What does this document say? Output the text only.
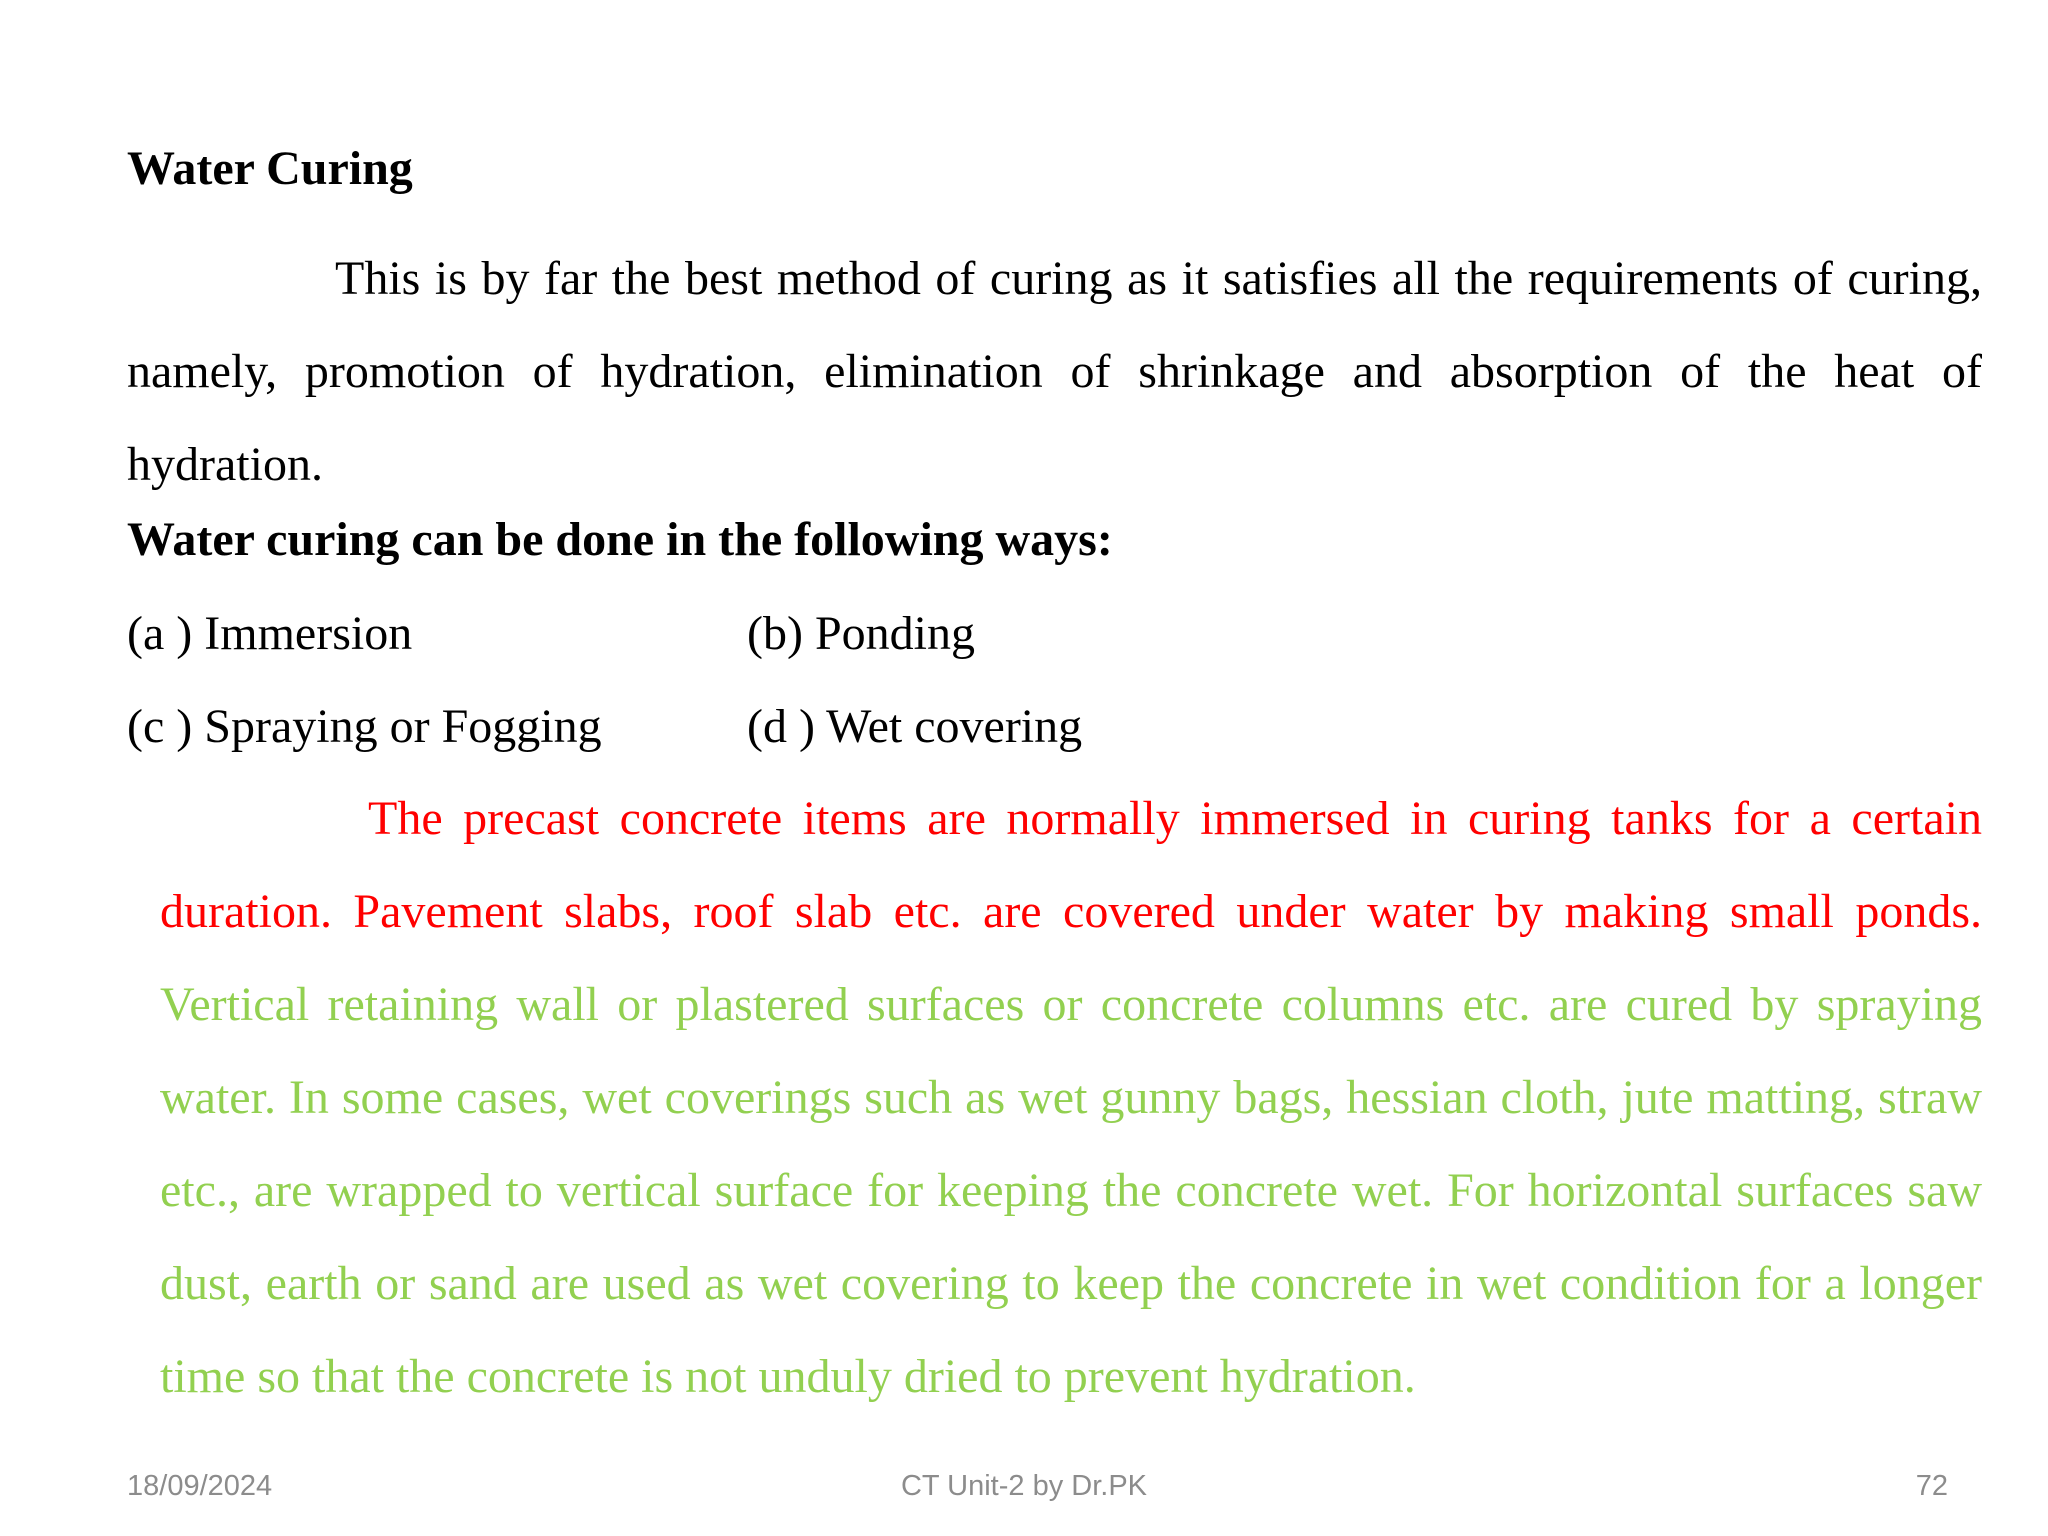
Water Curing

This is by far the best method of curing as it satisfies all the requirements of curing, namely, promotion of hydration, elimination of shrinkage and absorption of the heat of hydration.

Water curing can be done in the following ways:
(a ) Immersion	(b) Ponding
(c ) Spraying or Fogging	(d ) Wet covering

The precast concrete items are normally immersed in curing tanks for a certain duration. Pavement slabs, roof slab etc. are covered under water by making small ponds. Vertical retaining wall or plastered surfaces or concrete columns etc. are cured by spraying water. In some cases, wet coverings such as wet gunny bags, hessian cloth, jute matting, straw etc., are wrapped to vertical surface for keeping the concrete wet. For horizontal surfaces saw dust, earth or sand are used as wet covering to keep the concrete in wet condition for a longer time so that the concrete is not unduly dried to prevent hydration.

CT Unit-2 by Dr.PK
18/09/2024	72
